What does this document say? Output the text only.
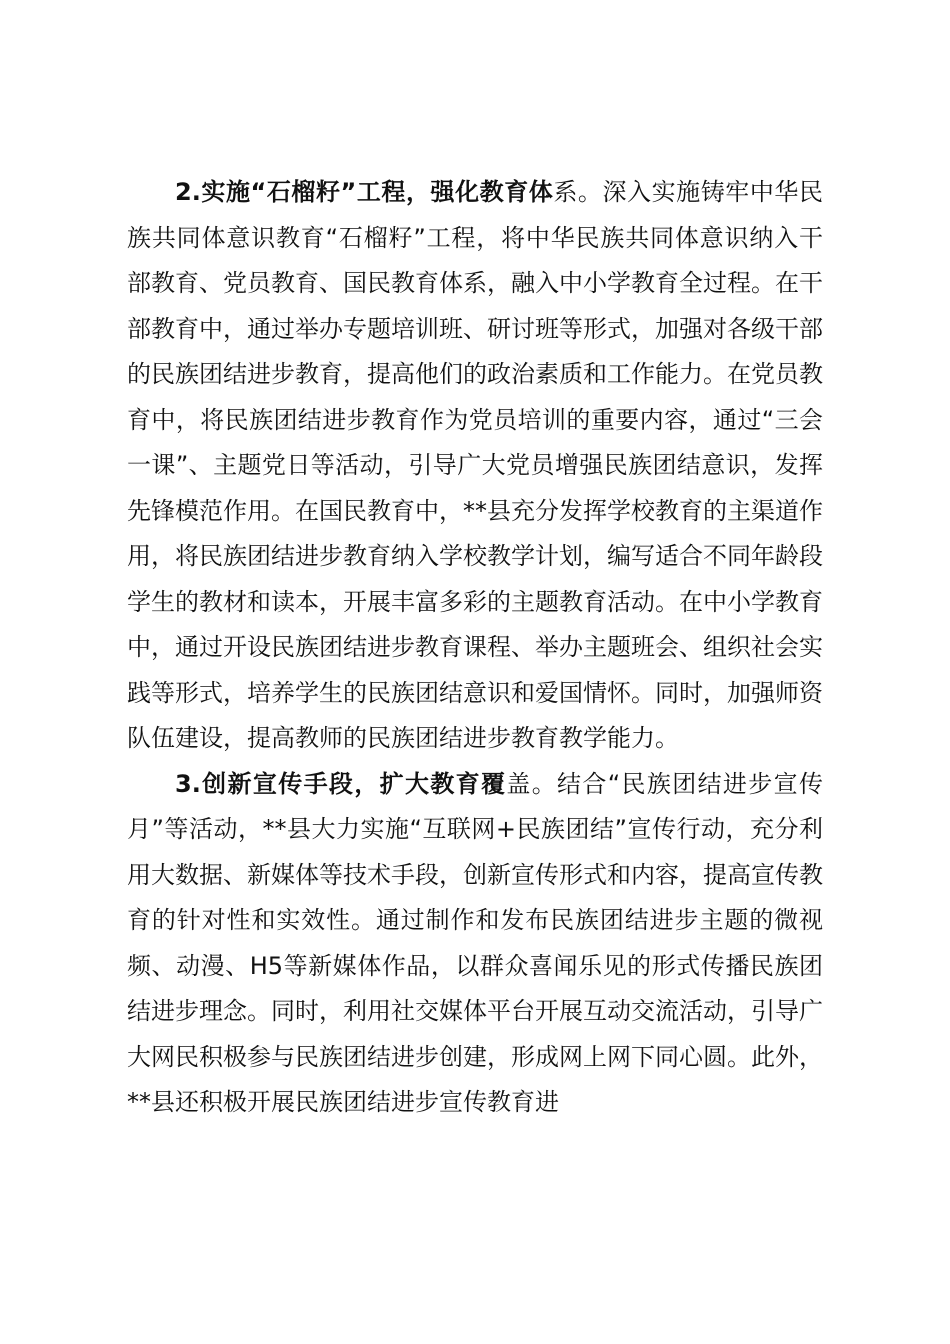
2.实施“石榴籽”工程，强化教育体系。深入实施铸牢中华民族共同体意识教育“石榴籽”工程，将中华民族共同体意识纳入干部教育、党员教育、国民教育体系，融入中小学教育全过程。在干部教育中，通过举办专题培训班、研讨班等形式，加强对各级干部的民族团结进步教育，提高他们的政治素质和工作能力。在党员教育中，将民族团结进步教育作为党员培训的重要内容，通过“三会一课”、主题党日等活动，引导广大党员增强民族团结意识，发挥先锋模范作用。在国民教育中，**县充分发挥学校教育的主渠道作用，将民族团结进步教育纳入学校教学计划，编写适合不同年龄段学生的教材和读本，开展丰富多彩的主题教育活动。在中小学教育中，通过开设民族团结进步教育课程、举办主题班会、组织社会实践等形式，培养学生的民族团结意识和爱国情怀。同时，加强师资队伍建设，提高教师的民族团结进步教育教学能力。

3.创新宣传手段，扩大教育覆盖。结合“民族团结进步宣传月”等活动，**县大力实施“互联网+民族团结”宣传行动，充分利用大数据、新媒体等技术手段，创新宣传形式和内容，提高宣传教育的针对性和实效性。通过制作和发布民族团结进步主题的微视频、动漫、H5等新媒体作品，以群众喜闻乐见的形式传播民族团结进步理念。同时，利用社交媒体平台开展互动交流活动，引导广大网民积极参与民族团结进步创建，形成网上网下同心圆。此外，**县还积极开展民族团结进步宣传教育进
